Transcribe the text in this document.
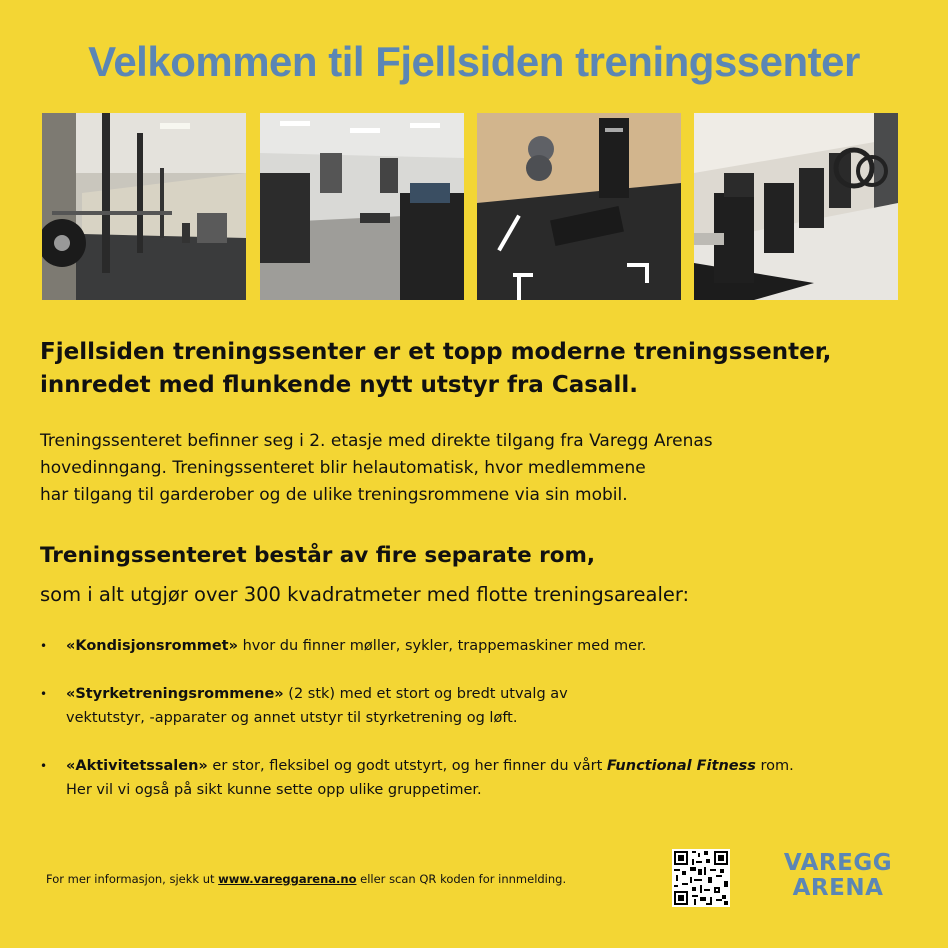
Velkommen til Fjellsiden treningssenter
Fjellsiden treningssenter er et topp moderne treningssenter,
innredet med flunkende nytt utstyr fra Casall.
Treningssenteret befinner seg i 2. etasje med direkte tilgang fra Varegg Arenas
hovedinngang. Treningssenteret blir helautomatisk, hvor medlemmene
har tilgang til garderober og de ulike treningsrommene via sin mobil.
Treningssenteret består av fire separate rom,
som i alt utgjør over 300 kvadratmeter med flotte treningsarealer:
• «Kondisjonsrommet» hvor du finner møller, sykler, trappemaskiner med mer.
• «Styrketreningsrommene» (2 stk) med et stort og bredt utvalg av
vektutstyr, -apparater og annet utstyr til styrketrening og løft.
• «Aktivitetssalen» er stor, fleksibel og godt utstyrt, og her finner du vårt Functional Fitness rom.
Her vil vi også på sikt kunne sette opp ulike gruppetimer.
For mer informasjon, sjekk ut www.vareggarena.no eller scan QR koden for innmelding.
VAREGG
ARENA
